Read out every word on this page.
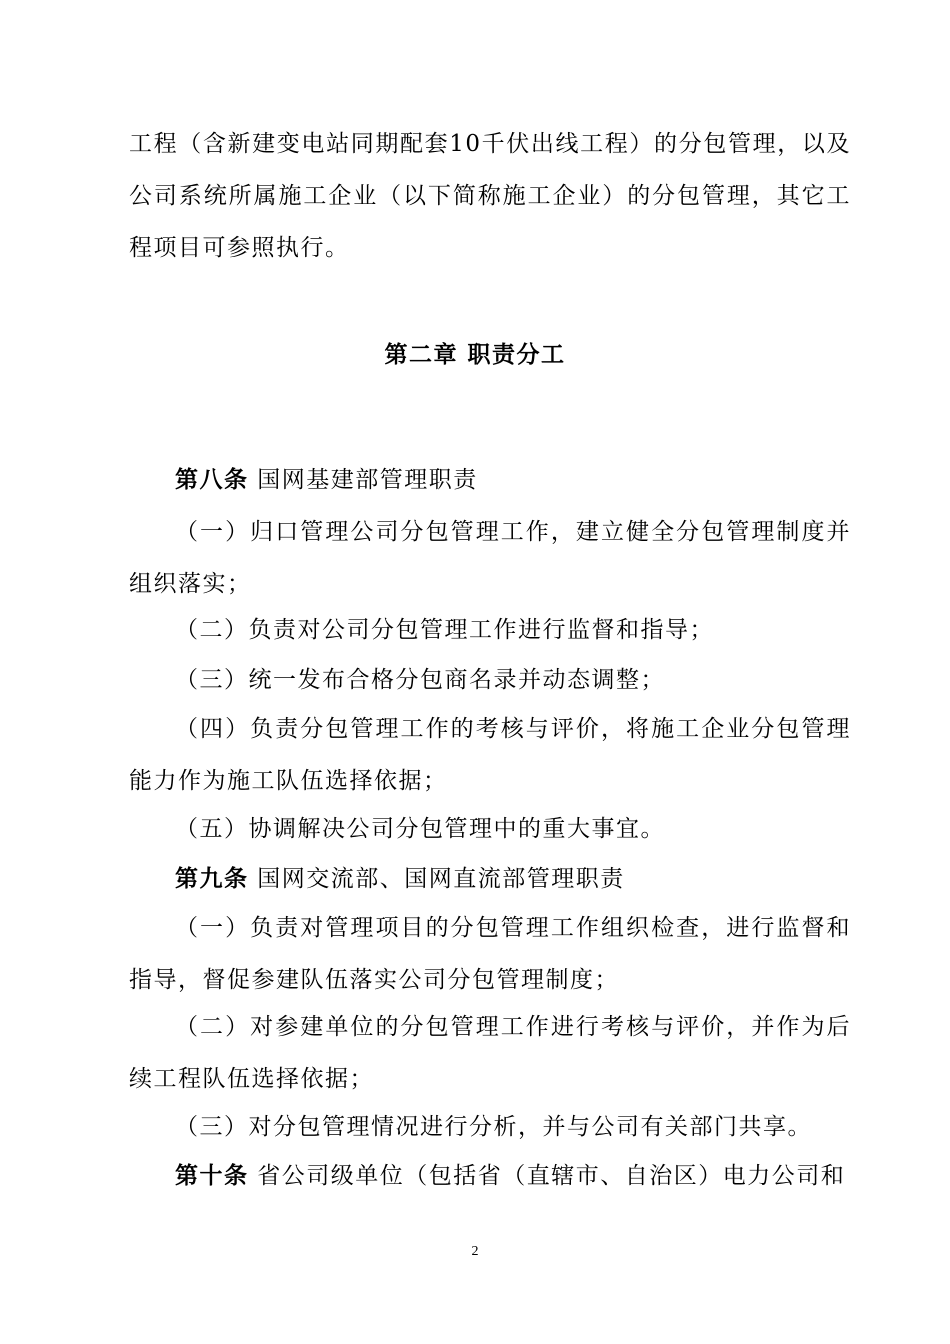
工程（含新建变电站同期配套10千伏出线工程）的分包管理，以及公司系统所属施工企业（以下简称施工企业）的分包管理，其它工程项目可参照执行。

第二章 职责分工

第八条 国网基建部管理职责

（一）归口管理公司分包管理工作，建立健全分包管理制度并组织落实；

（二）负责对公司分包管理工作进行监督和指导；

（三）统一发布合格分包商名录并动态调整；

（四）负责分包管理工作的考核与评价，将施工企业分包管理能力作为施工队伍选择依据；

（五）协调解决公司分包管理中的重大事宜。

第九条 国网交流部、国网直流部管理职责

（一）负责对管理项目的分包管理工作组织检查，进行监督和指导，督促参建队伍落实公司分包管理制度；

（二）对参建单位的分包管理工作进行考核与评价，并作为后续工程队伍选择依据；

（三）对分包管理情况进行分析，并与公司有关部门共享。

第十条 省公司级单位（包括省（直辖市、自治区）电力公司和

2
